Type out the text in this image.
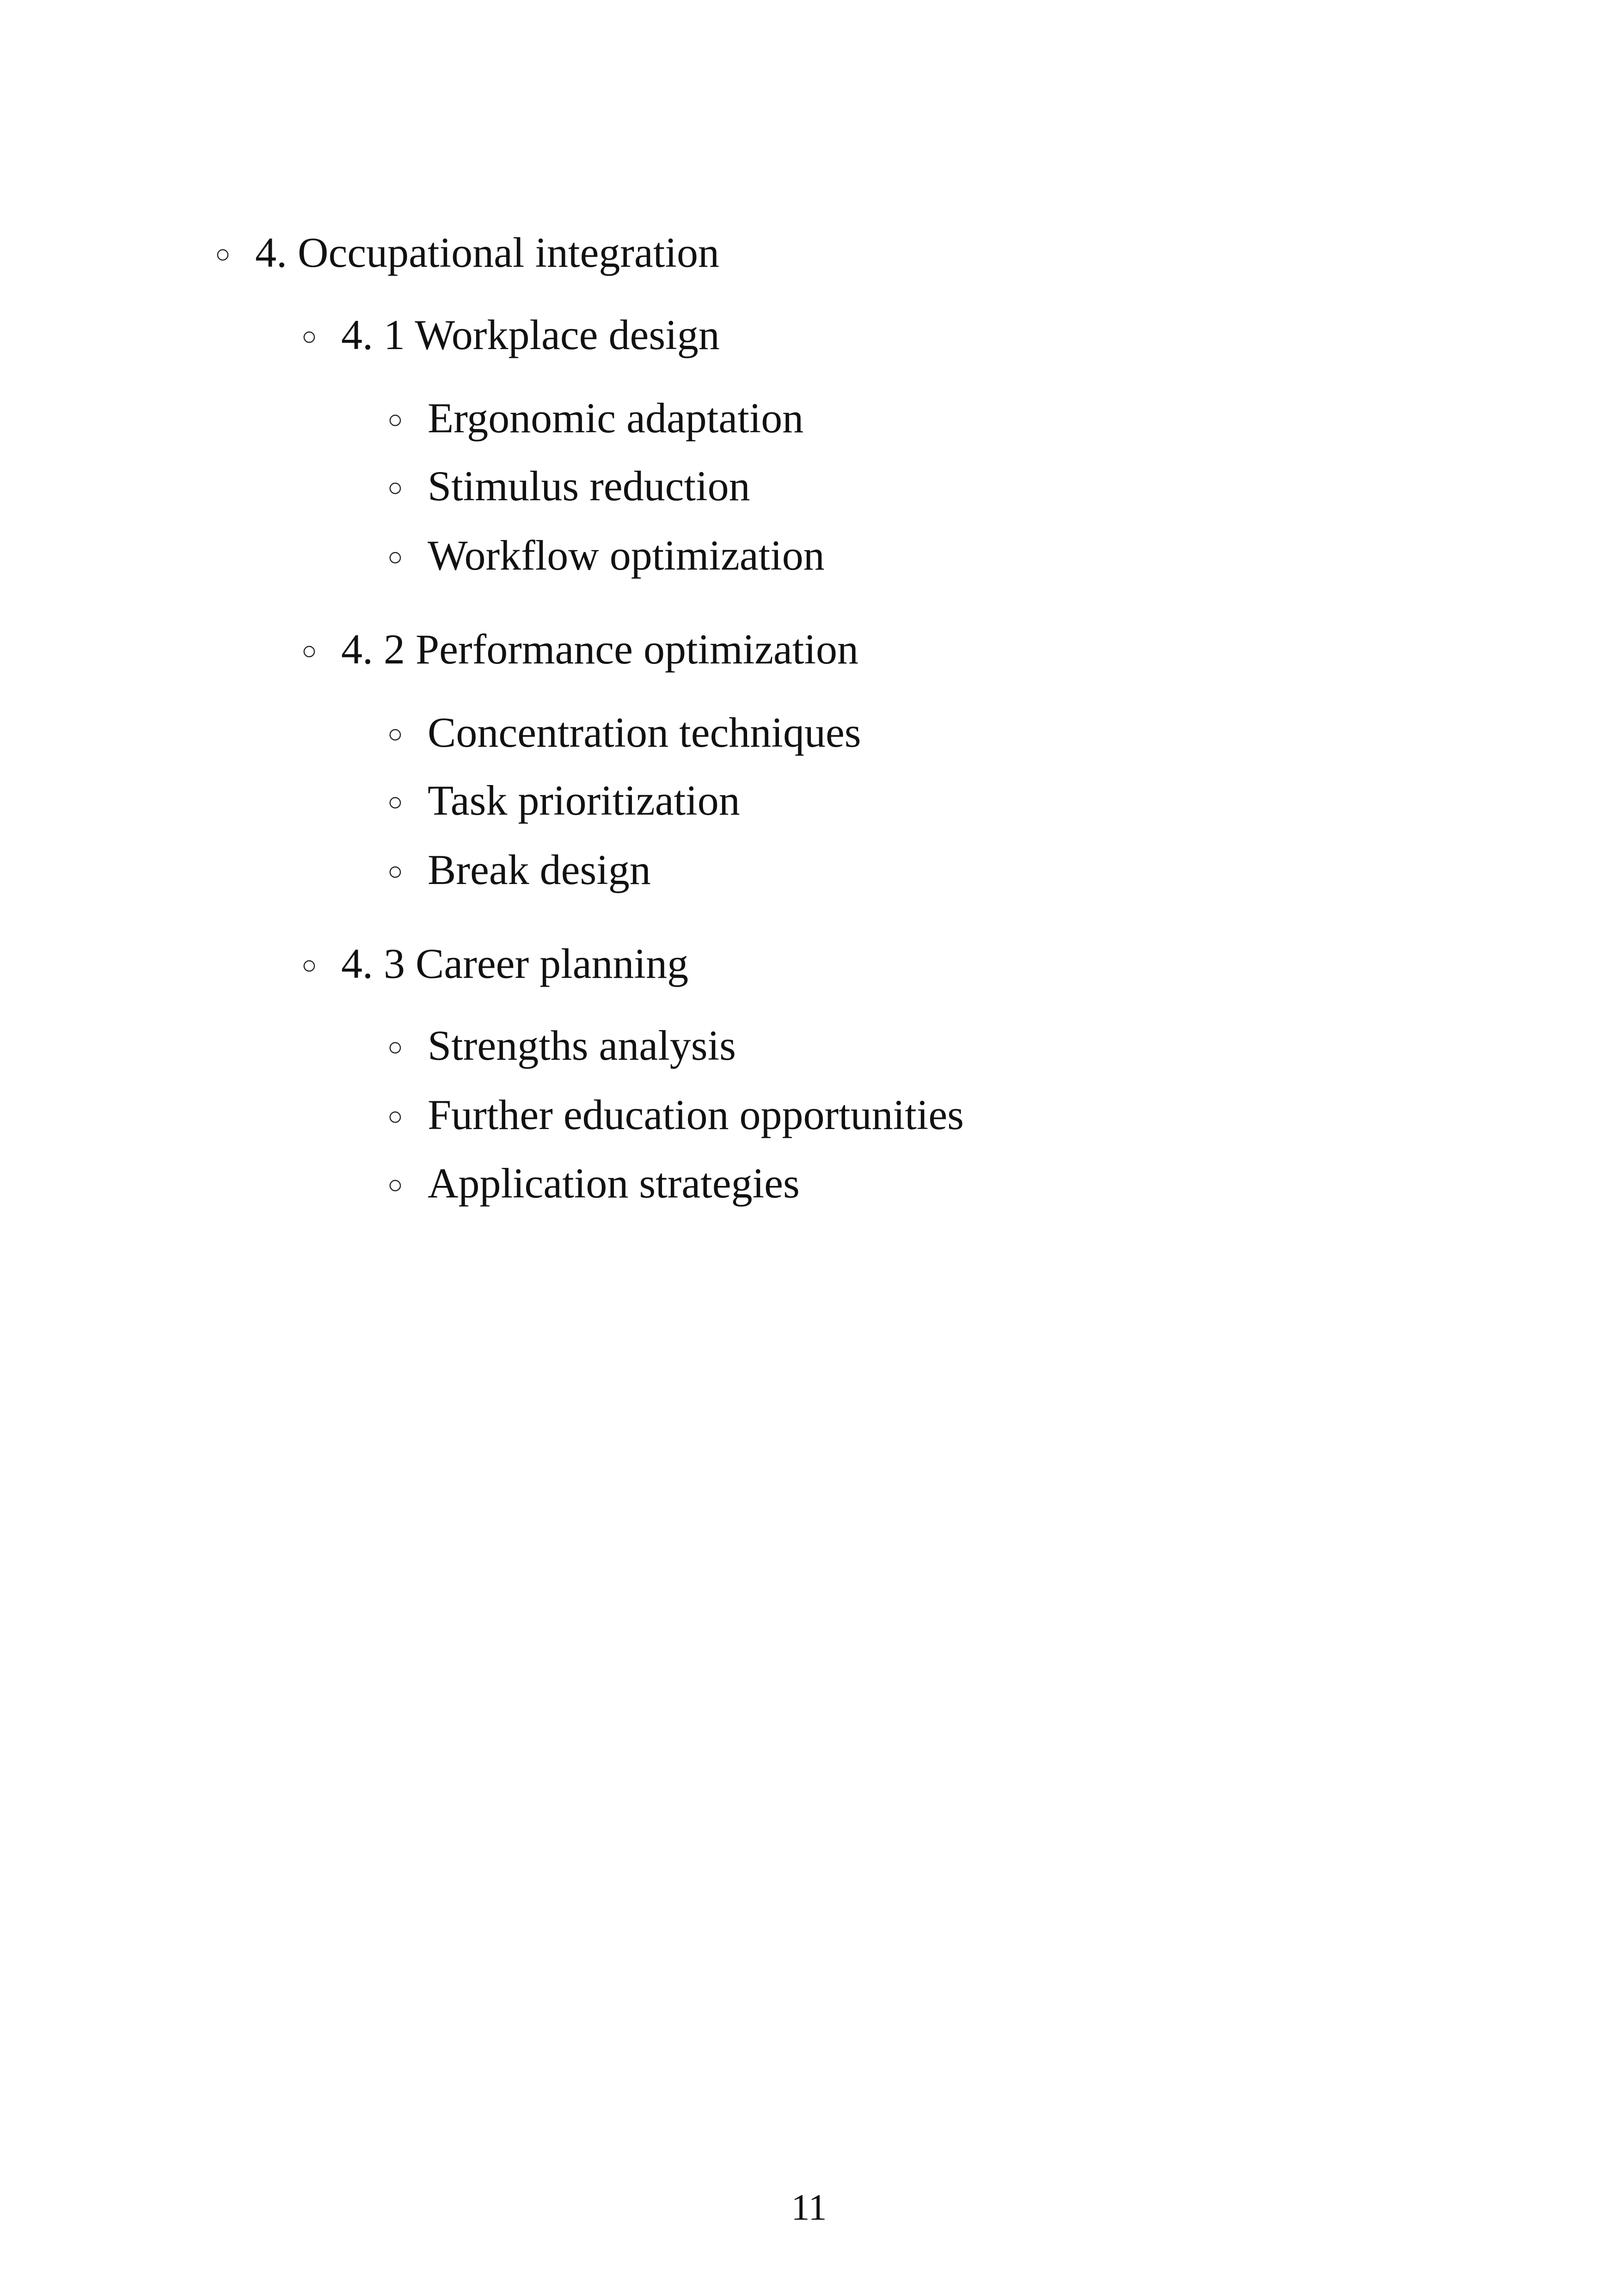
○ 4. Occupational integration
○ 4. 1 Workplace design
○ Ergonomic adaptation
○ Stimulus reduction
○ Workflow optimization
○ 4. 2 Performance optimization
○ Concentration techniques
○ Task prioritization
○ Break design
○ 4. 3 Career planning
○ Strengths analysis
○ Further education opportunities
○ Application strategies
11
